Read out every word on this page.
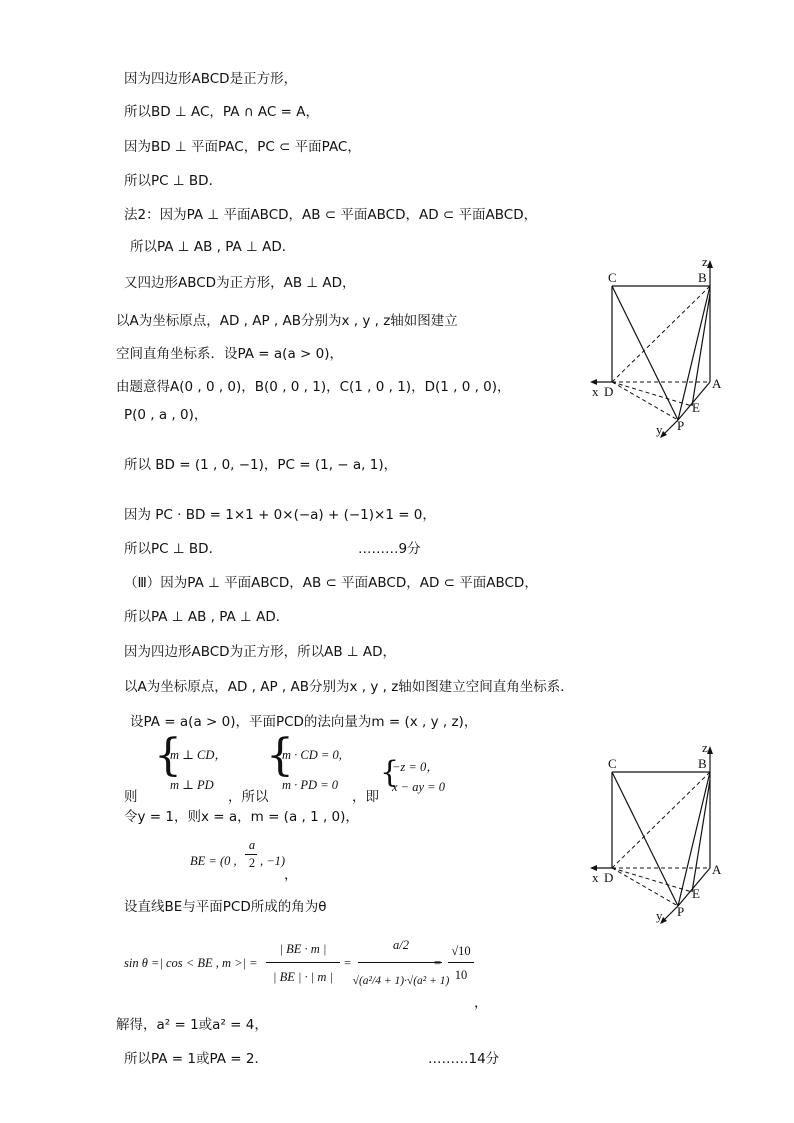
因为四边形ABCD是正方形，
所以BD ⊥ AC，PA ∩ AC = A，
因为BD ⊥ 平面PAC，PC ⊂ 平面PAC，
所以PC ⊥ BD．
法2：因为PA ⊥ 平面ABCD，AB ⊂ 平面ABCD，AD ⊂ 平面ABCD，
所以PA ⊥ AB , PA ⊥ AD．
又四边形ABCD为正方形，AB ⊥ AD，
以A为坐标原点，AD , AP , AB分别为x , y , z轴如图建立
空间直角坐标系．设PA = a(a > 0)，
由题意得A(0 , 0 , 0)，B(0 , 0 , 1)，C(1 , 0 , 1)，D(1 , 0 , 0)，
P(0 , a , 0)，
所以 BD = (1 , 0, −1)，PC = (1, − a, 1)，
因为 PC · BD = 1×1 + 0×(−a) + (−1)×1 = 0，
所以PC ⊥ BD．	………9分
（Ⅲ）因为PA ⊥ 平面ABCD，AB ⊂ 平面ABCD，AD ⊂ 平面ABCD，
所以PA ⊥ AB , PA ⊥ AD．
因为四边形ABCD为正方形，所以AB ⊥ AD，
以A为坐标原点，AD , AP , AB分别为x , y , z轴如图建立空间直角坐标系．
设PA = a(a > 0)，平面PCD的法向量为m = (x , y , z)，
则
{
m ⊥ CD，
m ⊥ PD
，所以
{
m · CD = 0,
m · PD = 0
，即
{
−z = 0，
x − ay = 0
令y = 1，则x = a，m = (a , 1 , 0)，
BE = (0 ,
a
2 , −1)
，
设直线BE与平面PCD所成的角为θ
sin θ =| cos < BE , m >| =
| BE · m |
| BE | · | m |
=
a/2
√(a²/4 + 1)·√(a² + 1)
=
√10
10
，
解得，a² = 1或a² = 4，
所以PA = 1或PA = 2．	………14分
C	B
z
A
x D
E
P
y
C	B
z
A
x D
E
P
y
